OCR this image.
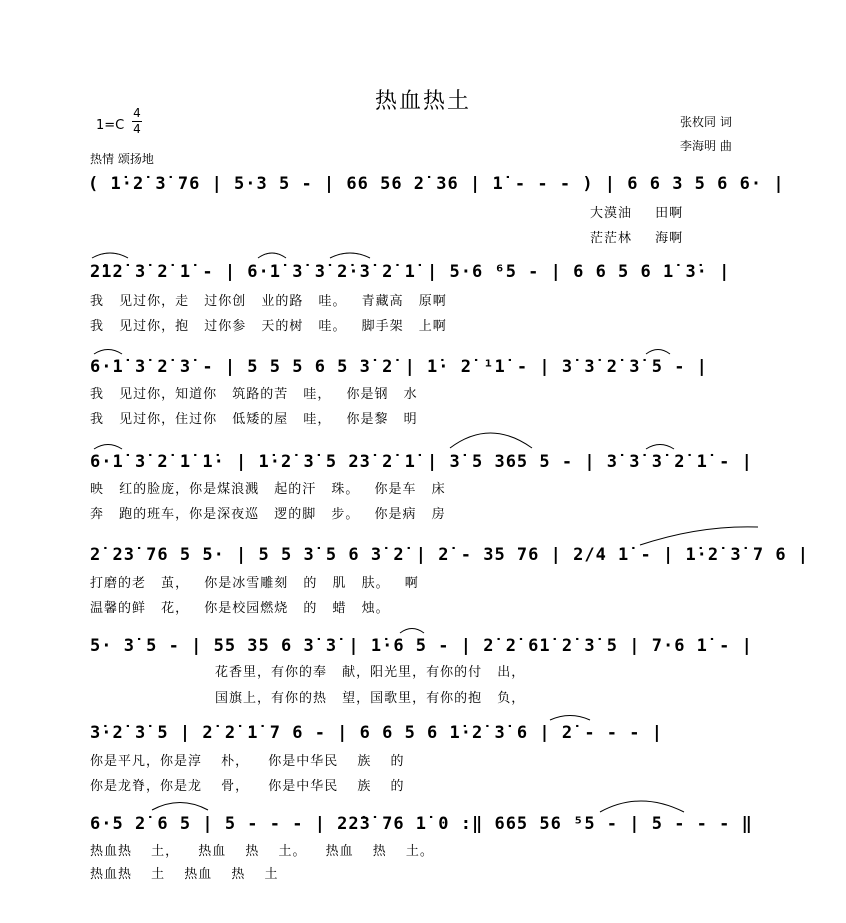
热血热土
1=C
4
4
热情 颂扬地
张枚同 词
李海明 曲
( 1̇·2̇ 3̇ 76 | 5·3 5 - | 66 56 2̇ 36 | 1̇ - - - ) | 6 6 3 5 6 6· |
大漠油 田啊
茫茫林 海啊
2̇12̇ 3̇ 2̇ 1̇ - | 6·1̇ 3̇ 3̇ 2̇·3̇ 2̇ 1̇ | 5·6 ⁶5 - | 6 6 5 6 1̇ 3̇· |
我 见过你，走 过你创 业的路 哇。 青藏高 原啊
我 见过你，抱 过你参 天的树 哇。 脚手架 上啊
6·1̇ 3̇ 2̇ 3̇ - | 5 5 5 6 5 3̇ 2̇ | 1̇· 2̇ ¹1̇ - | 3̇ 3̇ 2̇ 3̇ 5 - |
我 见过你，知道你 筑路的苦 哇， 你是钢 水
我 见过你，住过你 低矮的屋 哇， 你是黎 明
6·1̇ 3̇ 2̇ 1̇ 1̇· | 1̇·2̇ 3̇ 5 23̇ 2̇ 1̇ | 3̇ 5 365 5 - | 3̇ 3̇ 3̇ 2̇ 1̇ - |
映 红的脸庞，你是煤浪溅 起的汗 珠。 你是车 床
奔 跑的班车，你是深夜巡 逻的脚 步。 你是病 房
2̇ 23̇ 76 5 5· | 5 5 3̇ 5 6 3̇ 2̇ | 2̇ - 35 76 | 2/4 1̇ - | 1̇·2̇ 3̇ 7 6 |
打磨的老 茧， 你是冰雪雕刻 的 肌 肤。 啊
温馨的鲜 花， 你是校园燃烧 的 蜡 烛。
5· 3̇ 5 - | 55 35 6 3̇ 3̇ | 1̇·6 5 - | 2̇ 2̇ 61̇ 2̇ 3̇ 5 | 7·6 1̇ - |
花香里，有你的奉 献，阳光里，有你的付 出，
国旗上，有你的热 望，国歌里，有你的抱 负，
3̇·2̇ 3̇ 5 | 2̇ 2̇ 1̇ 7 6 - | 6 6 5 6 1̇·2̇ 3̇ 6 | 2̇ - - - |
你是平凡，你是淳 朴， 你是中华民 族 的
你是龙脊，你是龙 骨， 你是中华民 族 的
6·5 2̇ 6 5 | 5 - - - | 22̇3̇ 76 1̇ 0 :‖ 665 56 ⁵5 - | 5 - - - ‖
热血热 土， 热血 热 土。 热血 热 土。
热血热 土 热血 热 土
